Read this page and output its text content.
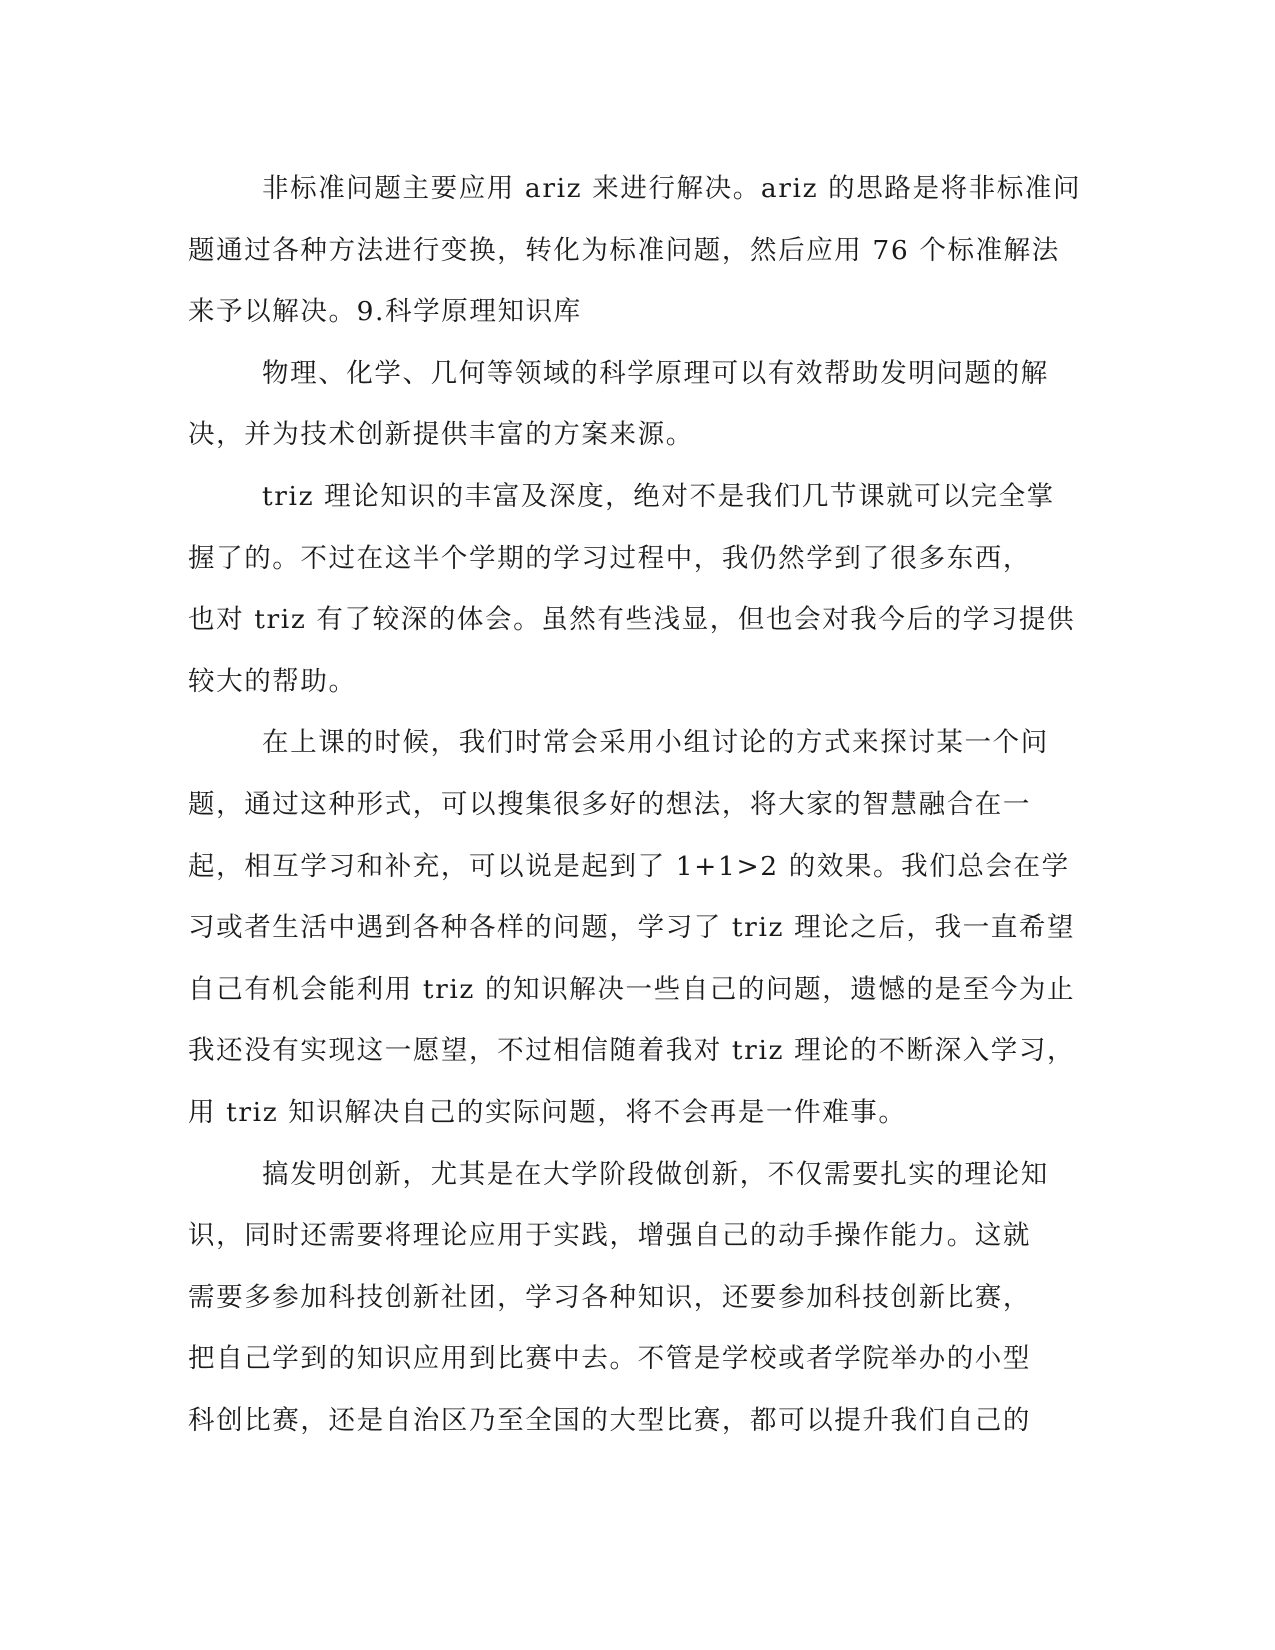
非标准问题主要应用 ariz 来进行解决。ariz 的思路是将非标准问
题通过各种方法进行变换，转化为标准问题，然后应用 76 个标准解法
来予以解决。9.科学原理知识库
物理、化学、几何等领域的科学原理可以有效帮助发明问题的解
决，并为技术创新提供丰富的方案来源。
triz 理论知识的丰富及深度，绝对不是我们几节课就可以完全掌
握了的。不过在这半个学期的学习过程中，我仍然学到了很多东西，
也对 triz 有了较深的体会。虽然有些浅显，但也会对我今后的学习提供
较大的帮助。
在上课的时候，我们时常会采用小组讨论的方式来探讨某一个问
题，通过这种形式，可以搜集很多好的想法，将大家的智慧融合在一
起，相互学习和补充，可以说是起到了 1+1>2 的效果。我们总会在学
习或者生活中遇到各种各样的问题，学习了 triz 理论之后，我一直希望
自己有机会能利用 triz 的知识解决一些自己的问题，遗憾的是至今为止
我还没有实现这一愿望，不过相信随着我对 triz 理论的不断深入学习，
用 triz 知识解决自己的实际问题，将不会再是一件难事。
搞发明创新，尤其是在大学阶段做创新，不仅需要扎实的理论知
识，同时还需要将理论应用于实践，增强自己的动手操作能力。这就
需要多参加科技创新社团，学习各种知识，还要参加科技创新比赛，
把自己学到的知识应用到比赛中去。不管是学校或者学院举办的小型
科创比赛，还是自治区乃至全国的大型比赛，都可以提升我们自己的
